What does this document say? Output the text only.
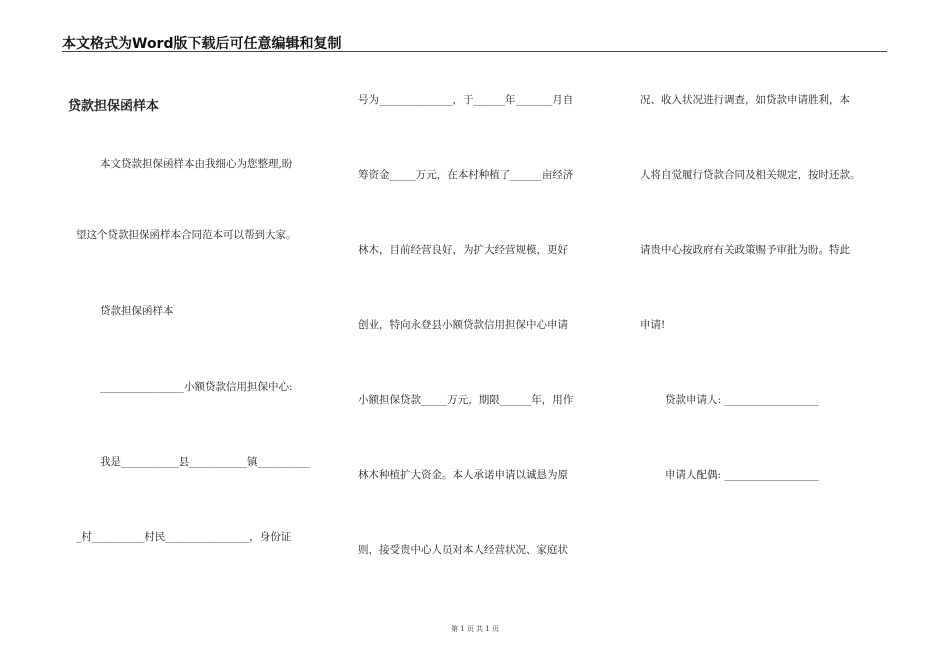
本文格式为Word版下载后可任意编辑和复制
贷款担保函样本
本文贷款担保函样本由我细心为您整理,盼
望这个贷款担保函样本合同范本可以帮到大家。
贷款担保函样本
________________小额贷款信用担保中心:
我是___________县___________镇__________
_村__________村民________________，身份证
号为______________，于______年_______月自
筹资金_____万元，在本村种植了______亩经济
林木，目前经营良好，为扩大经营规模，更好
创业，特向永登县小额贷款信用担保中心申请
小额担保贷款_____万元，期限______年，用作
林木种植扩大资金。本人承诺申请以诚恳为原
则，接受贵中心人员对本人经营状况、家庭状
况、收入状况进行调查，如贷款申请胜利，本
人将自觉履行贷款合同及相关规定，按时还款。
请贵中心按政府有关政策赐予审批为盼。特此
申请!
贷款申请人: __________________
申请人配偶: __________________
第 1 页 共 1 页
